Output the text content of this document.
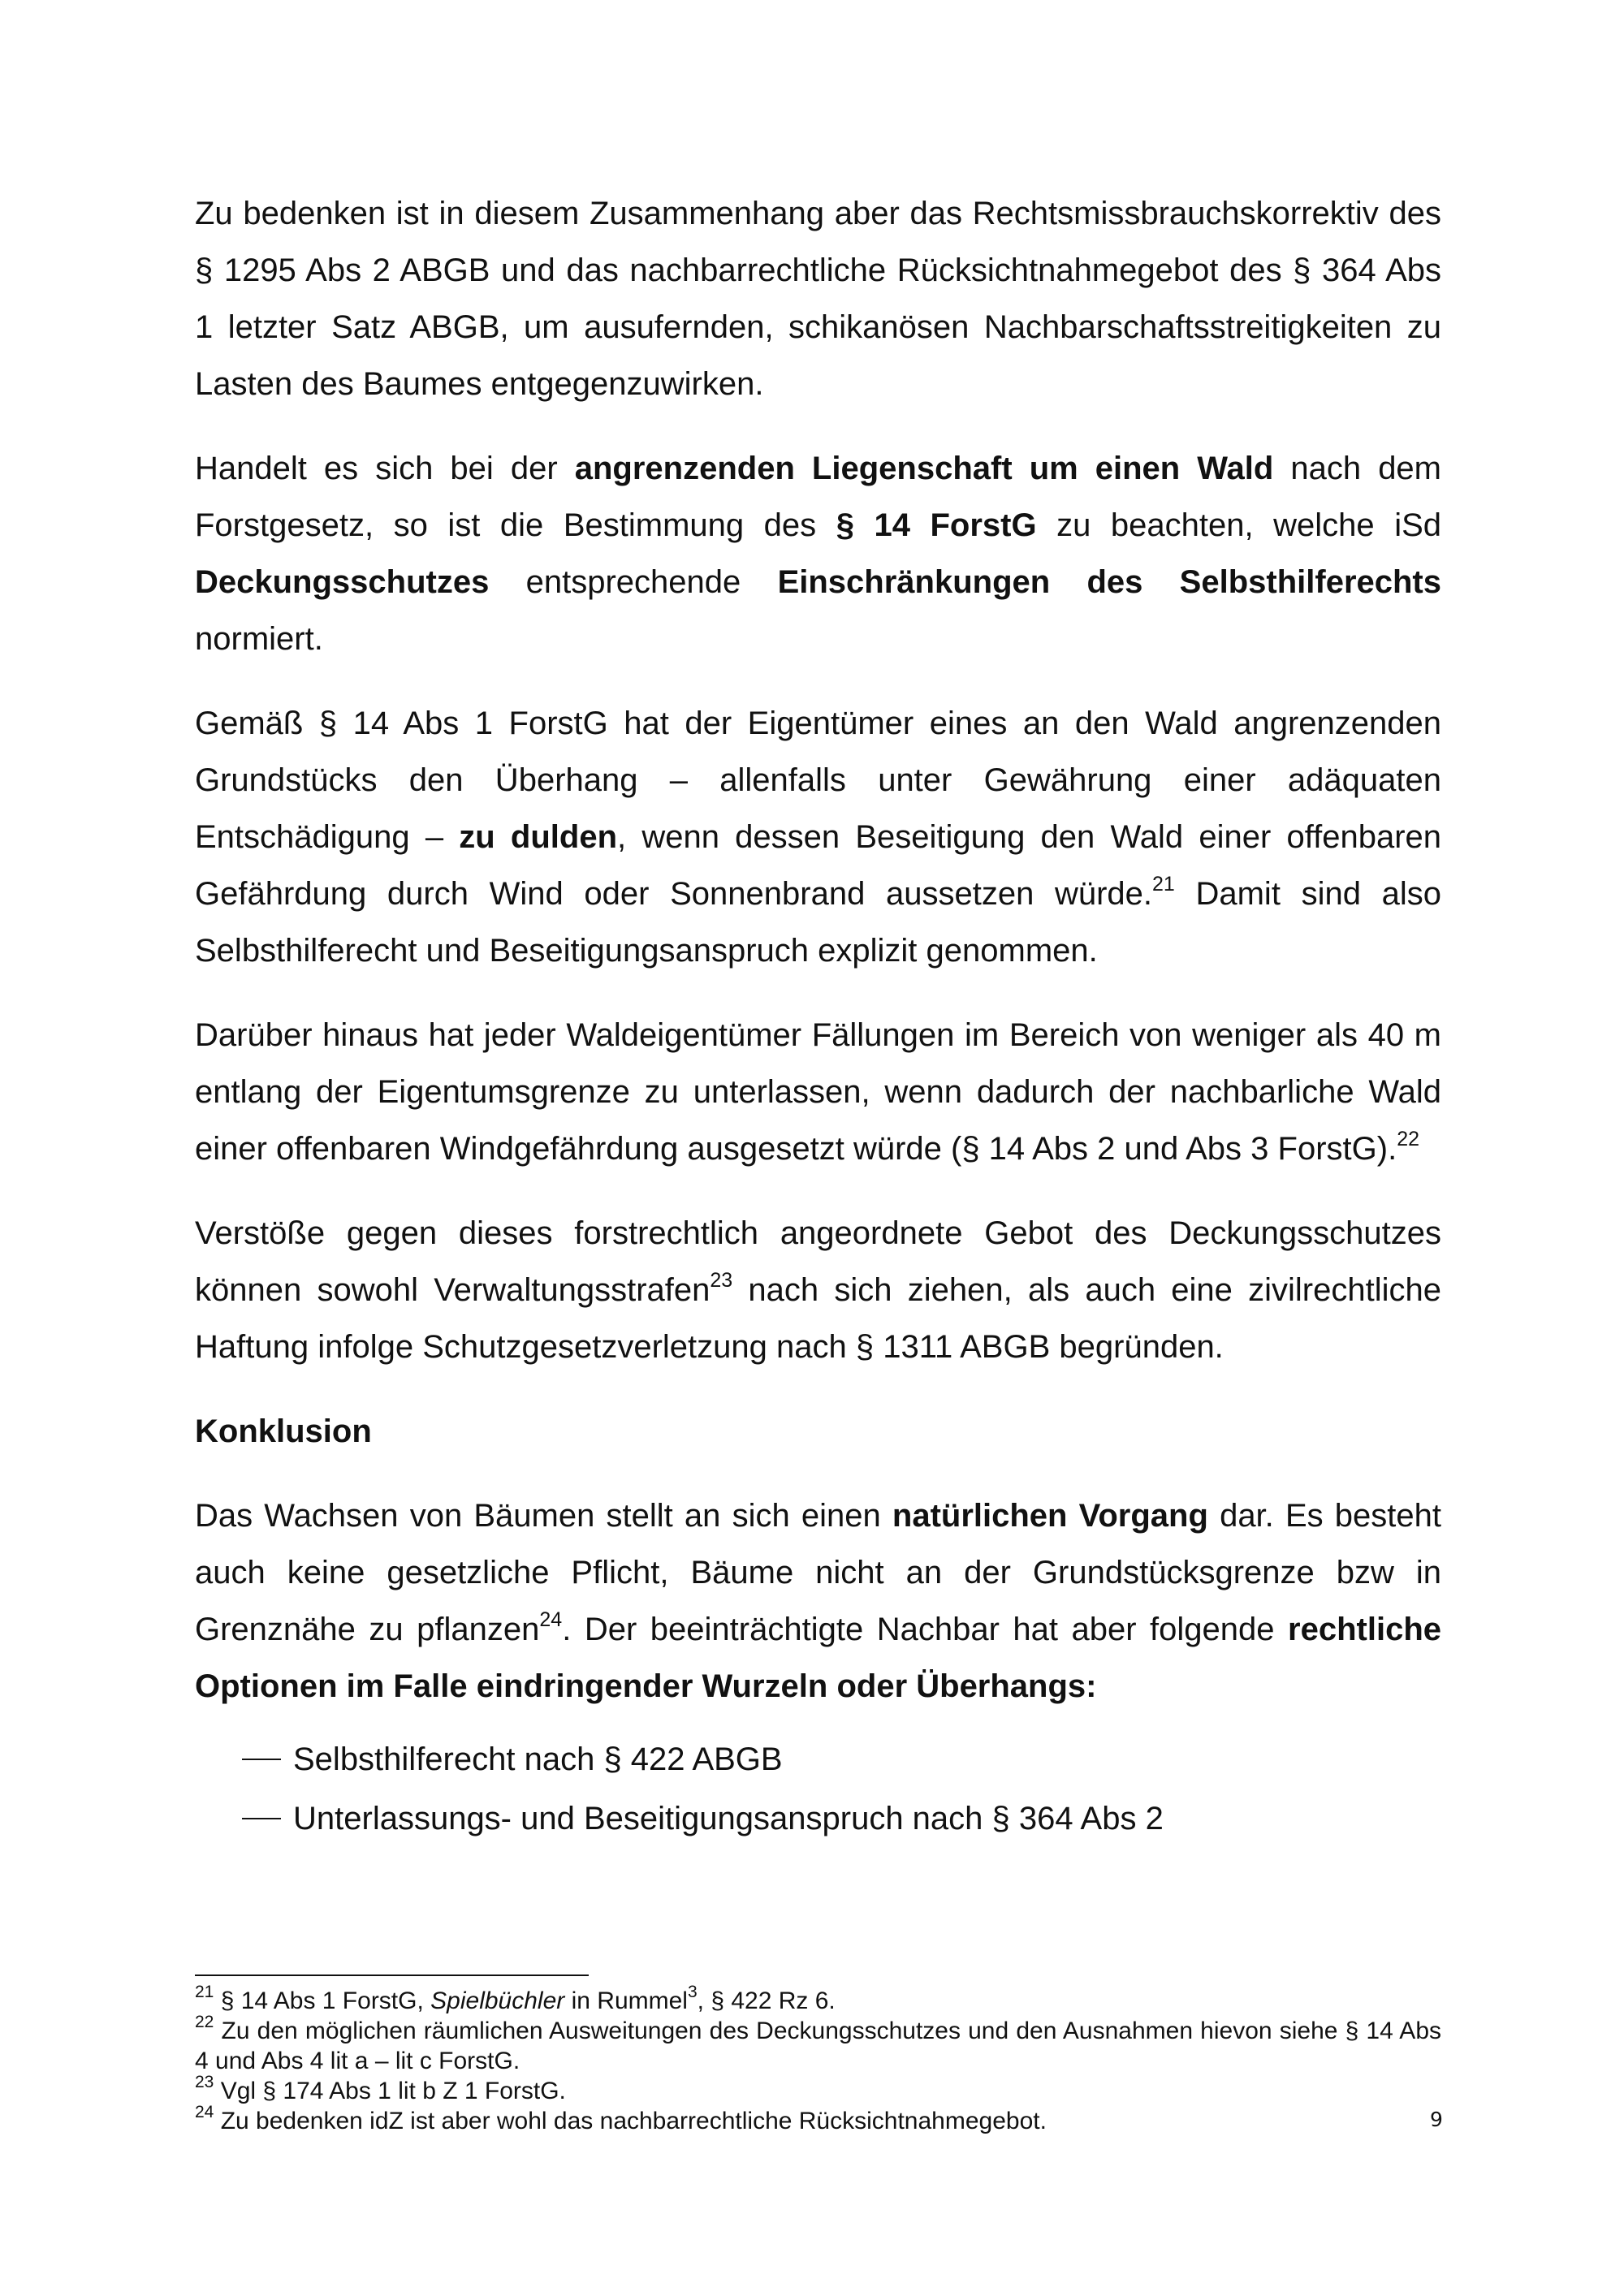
Zu bedenken ist in diesem Zusammenhang aber das Rechtsmissbrauchskorrektiv des § 1295 Abs 2 ABGB und das nachbarrechtliche Rücksichtnahmegebot des § 364 Abs 1 letzter Satz ABGB, um ausufernden, schikanösen Nachbarschaftsstreitigkeiten zu Lasten des Baumes entgegenzuwirken.

Handelt es sich bei der angrenzenden Liegenschaft um einen Wald nach dem Forstgesetz, so ist die Bestimmung des § 14 ForstG zu beachten, welche iSd Deckungsschutzes entsprechende Einschränkungen des Selbsthilferechts normiert.

Gemäß § 14 Abs 1 ForstG hat der Eigentümer eines an den Wald angrenzenden Grundstücks den Überhang – allenfalls unter Gewährung einer adäquaten Entschädigung – zu dulden, wenn dessen Beseitigung den Wald einer offenbaren Gefährdung durch Wind oder Sonnenbrand aussetzen würde.$^{21}$ Damit sind also Selbsthilferecht und Beseitigungsanspruch explizit genommen.

Darüber hinaus hat jeder Waldeigentümer Fällungen im Bereich von weniger als 40 m entlang der Eigentumsgrenze zu unterlassen, wenn dadurch der nachbarliche Wald einer offenbaren Windgefährdung ausgesetzt würde (§ 14 Abs 2 und Abs 3 ForstG).$^{22}$

Verstöße gegen dieses forstrechtlich angeordnete Gebot des Deckungsschutzes können sowohl Verwaltungsstrafen$^{23}$ nach sich ziehen, als auch eine zivilrechtliche Haftung infolge Schutzgesetzverletzung nach § 1311 ABGB begründen.

Konklusion

Das Wachsen von Bäumen stellt an sich einen natürlichen Vorgang dar. Es besteht auch keine gesetzliche Pflicht, Bäume nicht an der Grundstücksgrenze bzw in Grenznähe zu pflanzen$^{24}$. Der beeinträchtigte Nachbar hat aber folgende rechtliche Optionen im Falle eindringender Wurzeln oder Überhangs:

Selbsthilferecht nach § 422 ABGB
Unterlassungs- und Beseitigungsanspruch nach § 364 Abs 2

$^{21}$ § 14 Abs 1 ForstG, Spielbüchler in Rummel$^3$, § 422 Rz 6.

$^{22}$ Zu den möglichen räumlichen Ausweitungen des Deckungsschutzes und den Ausnahmen hievon siehe § 14 Abs 4 und Abs 4 lit a – lit c ForstG.

$^{23}$ Vgl § 174 Abs 1 lit b Z 1 ForstG.

$^{24}$ Zu bedenken idZ ist aber wohl das nachbarrechtliche Rücksichtnahmegebot.	9
